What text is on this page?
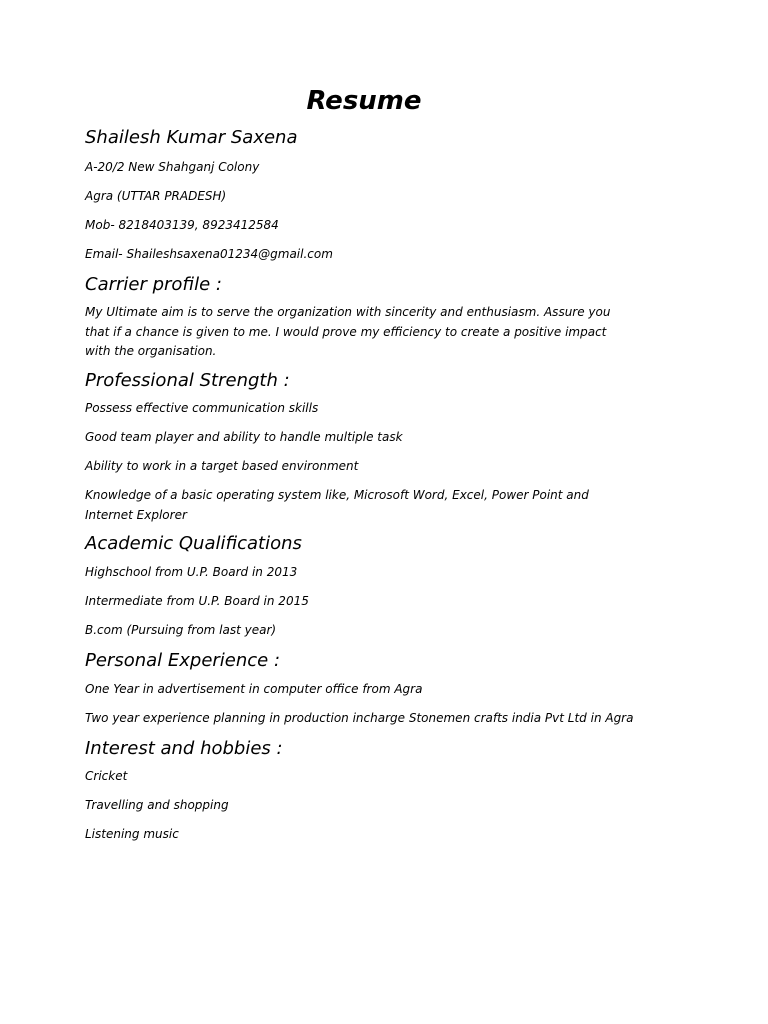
Resume
Shailesh Kumar Saxena
A-20/2 New Shahganj Colony
Agra (UTTAR PRADESH)
Mob- 8218403139, 8923412584
Email- Shaileshsaxena01234@gmail.com
Carrier profile :
My Ultimate aim is to serve the organization with sincerity and enthusiasm. Assure you that if a chance is given to me. I would prove my efficiency to create a positive impact with the organisation.
Professional Strength :
Possess effective communication skills
Good team player and ability to handle multiple task
Ability to work in a target based environment
Knowledge of a basic operating system like, Microsoft Word, Excel, Power Point and Internet Explorer
Academic Qualifications
Highschool from U.P. Board in 2013
Intermediate from U.P. Board in 2015
B.com (Pursuing from last year)
Personal Experience :
One Year in advertisement in computer office from Agra
Two year experience planning in production incharge Stonemen crafts india Pvt Ltd in Agra
Interest and hobbies :
Cricket
Travelling and shopping
Listening music
